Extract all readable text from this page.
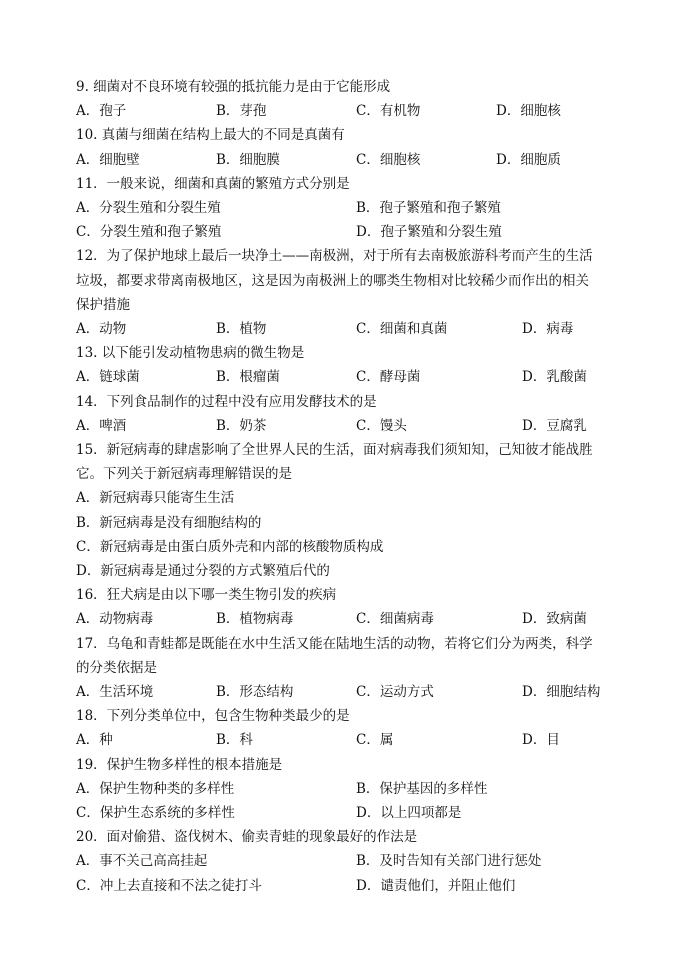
9. 细菌对不良环境有较强的抵抗能力是由于它能形成
A．孢子	B．芽孢	C．有机物	D．细胞核
10. 真菌与细菌在结构上最大的不同是真菌有
A．细胞壁	B．细胞膜	C．细胞核	D．细胞质
11．一般来说，细菌和真菌的繁殖方式分别是
A．分裂生殖和分裂生殖	B．孢子繁殖和孢子繁殖
C．分裂生殖和孢子繁殖	D．孢子繁殖和分裂生殖
12．为了保护地球上最后一块净土——南极洲，对于所有去南极旅游科考而产生的生活
垃圾，都要求带离南极地区，这是因为南极洲上的哪类生物相对比较稀少而作出的相关
保护措施
A．动物	B．植物	C．细菌和真菌	D．病毒
13. 以下能引发动植物患病的微生物是
A．链球菌	B．根瘤菌	C．酵母菌	D．乳酸菌
14．下列食品制作的过程中没有应用发酵技术的是
A．啤酒	B．奶茶	C．馒头	D．豆腐乳
15．新冠病毒的肆虐影响了全世界人民的生活，面对病毒我们须知知，己知彼才能战胜
它。下列关于新冠病毒理解错误的是
A．新冠病毒只能寄生生活
B．新冠病毒是没有细胞结构的
C．新冠病毒是由蛋白质外壳和内部的核酸物质构成
D．新冠病毒是通过分裂的方式繁殖后代的
16．狂犬病是由以下哪一类生物引发的疾病
A．动物病毒	B．植物病毒	C．细菌病毒	D．致病菌
17．乌龟和青蛙都是既能在水中生活又能在陆地生活的动物，若将它们分为两类，科学
的分类依据是
A．生活环境	B．形态结构	C．运动方式	D．细胞结构
18．下列分类单位中，包含生物种类最少的是
A．种	B．科	C．属	D．目
19．保护生物多样性的根本措施是
A．保护生物种类的多样性	B．保护基因的多样性
C．保护生态系统的多样性	D．以上四项都是
20．面对偷猎、盗伐树木、偷卖青蛙的现象最好的作法是
A．事不关己高高挂起	B．及时告知有关部门进行惩处
C．冲上去直接和不法之徒打斗	D．谴责他们，并阻止他们
